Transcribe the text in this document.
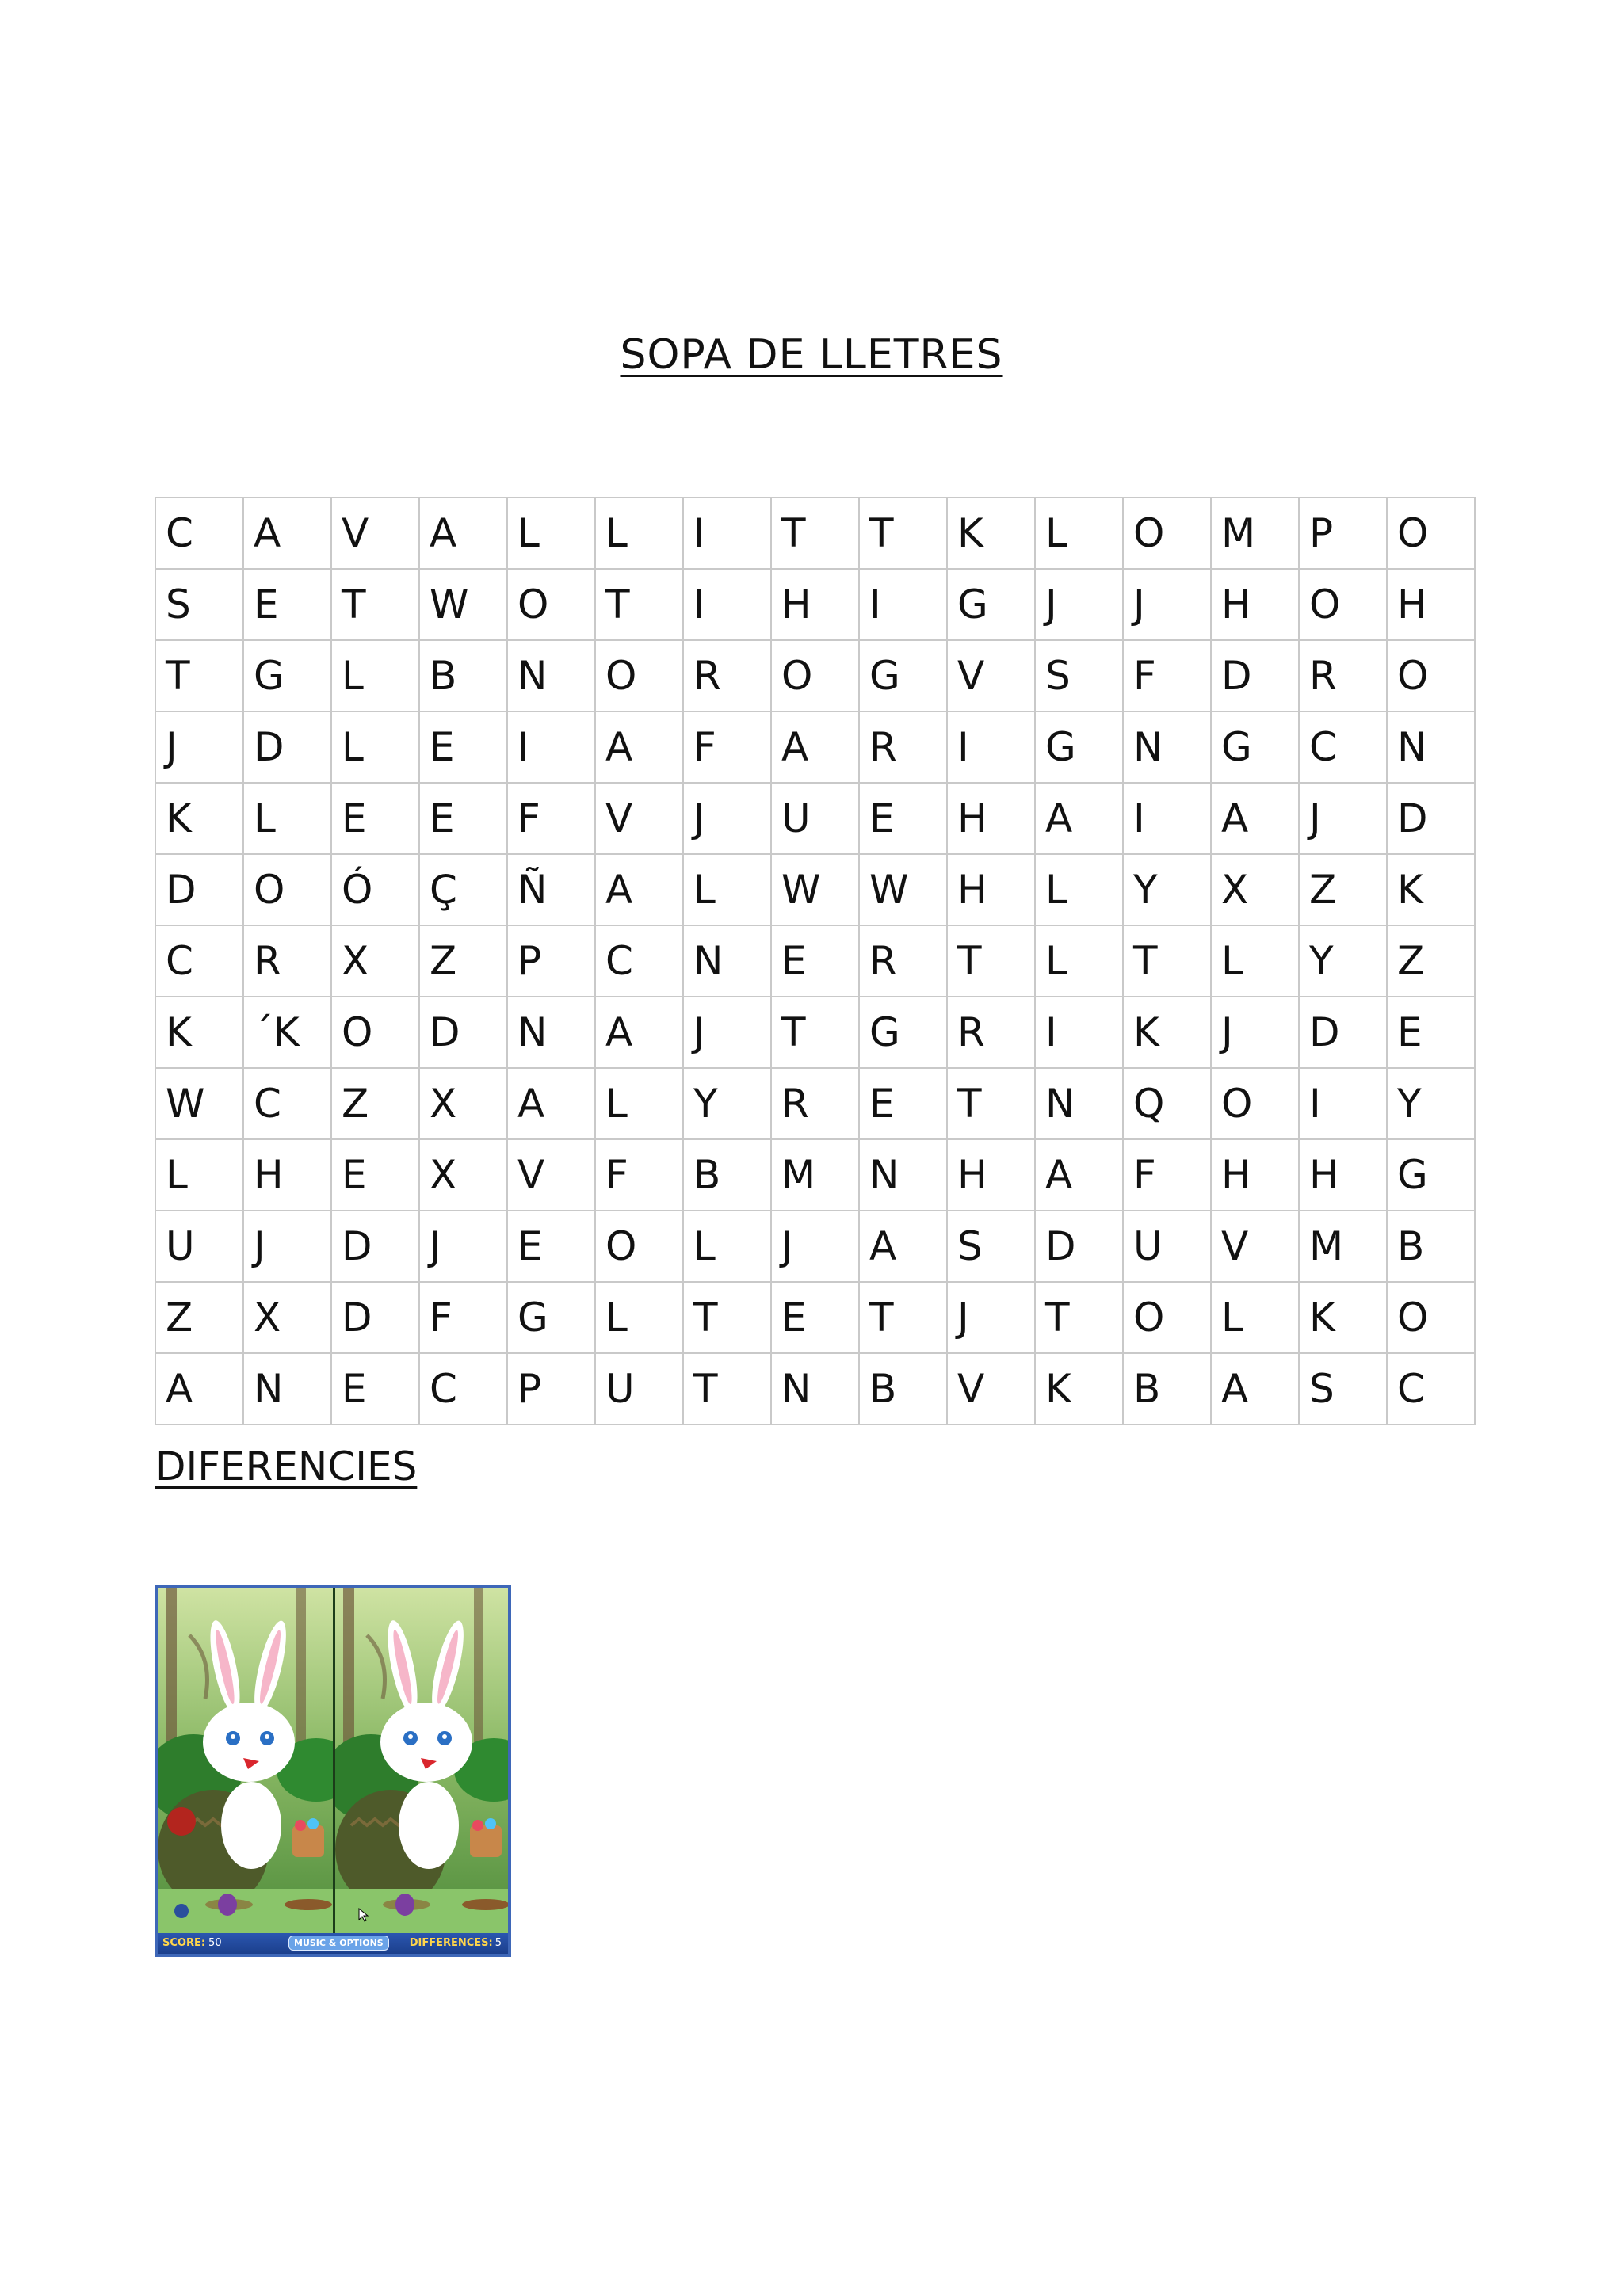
SOPA DE LLETRES
C	A	V	A	L	L	I	T	T	K	L	O	M	P	O
S	E	T	W	O	T	I	H	I	G	J	J	H	O	H
T	G	L	B	N	O	R	O	G	V	S	F	D	R	O
J	D	L	E	I	A	F	A	R	I	G	N	G	C	N
K	L	E	E	F	V	J	U	E	H	A	I	A	J	D
D	O	Ó	Ç	Ñ	A	L	W	W	H	L	Y	X	Z	K
C	R	X	Z	P	C	N	E	R	T	L	T	L	Y	Z
K	´K	O	D	N	A	J	T	G	R	I	K	J	D	E
W	C	Z	X	A	L	Y	R	E	T	N	Q	O	I	Y
L	H	E	X	V	F	B	M	N	H	A	F	H	H	G
U	J	D	J	E	O	L	J	A	S	D	U	V	M	B
Z	X	D	F	G	L	T	E	T	J	T	O	L	K	O
A	N	E	C	P	U	T	N	B	V	K	B	A	S	C
DIFERENCIES
SCORE: 50	MUSIC & OPTIONS	DIFFERENCES: 5
